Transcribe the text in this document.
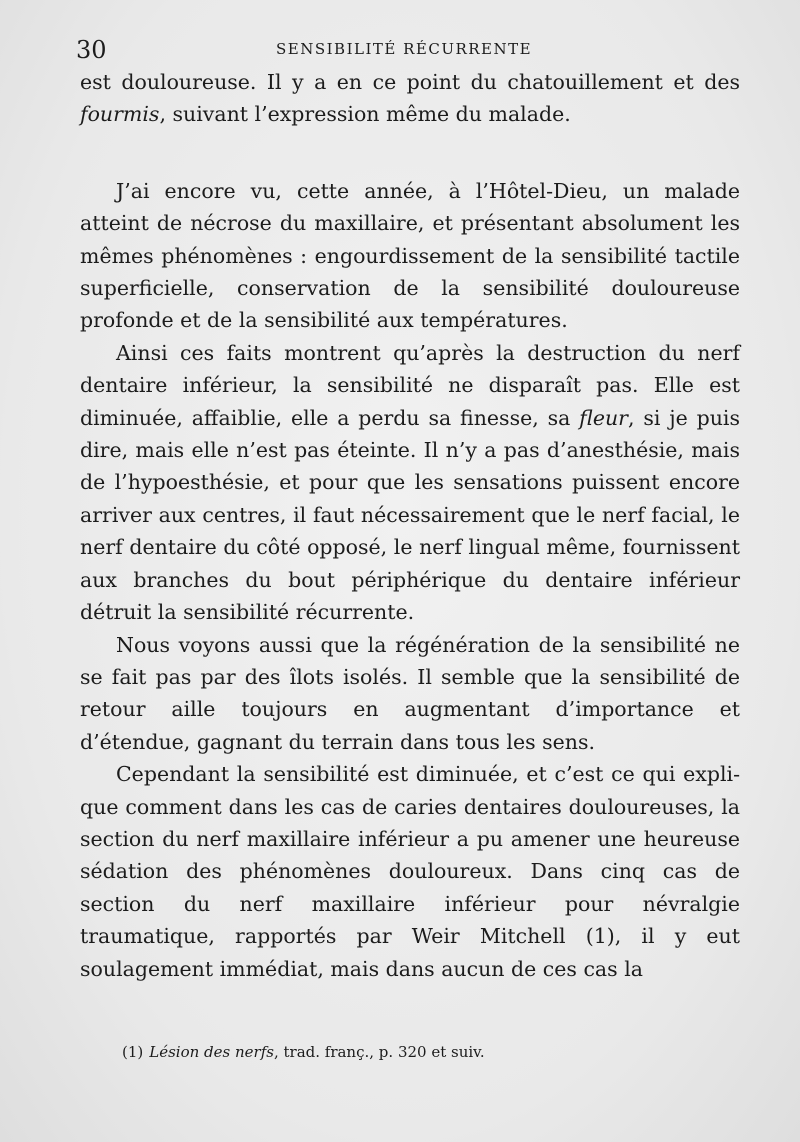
30	SENSIBILITÉ RÉCURRENTE

est douloureuse. Il y a en ce point du chatouillement et des fourmis, suivant l’expression même du malade.

J’ai encore vu, cette année, à l’Hôtel-Dieu, un malade atteint de nécrose du maxillaire, et présentant absolument les mêmes phénomènes : engourdissement de la sensibilité tactile superficielle, conservation de la sensibilité douloureuse profonde et de la sensibilité aux températures.

Ainsi ces faits montrent qu’après la destruction du nerf dentaire inférieur, la sensibilité ne disparaît pas. Elle est diminuée, affaiblie, elle a perdu sa finesse, sa fleur, si je puis dire, mais elle n’est pas éteinte. Il n’y a pas d’anesthésie, mais de l’hypoesthésie, et pour que les sensations puissent encore arriver aux centres, il faut nécessairement que le nerf facial, le nerf dentaire du côté opposé, le nerf lingual même, fournissent aux branches du bout périphérique du dentaire inférieur détruit la sensibilité récurrente.

Nous voyons aussi que la régénération de la sensibilité ne se fait pas par des îlots isolés. Il semble que la sensibilité de retour aille toujours en augmentant d’importance et d’étendue, gagnant du terrain dans tous les sens.

Cependant la sensibilité est diminuée, et c’est ce qui explique comment dans les cas de caries dentaires douloureuses, la section du nerf maxillaire inférieur a pu amener une heureuse sédation des phénomènes douloureux. Dans cinq cas de section du nerf maxillaire inférieur pour névralgie traumatique, rapportés par Weir Mitchell (1), il y eut soulagement immédiat, mais dans aucun de ces cas la

(1) Lésion des nerfs, trad. franç., p. 320 et suiv.
